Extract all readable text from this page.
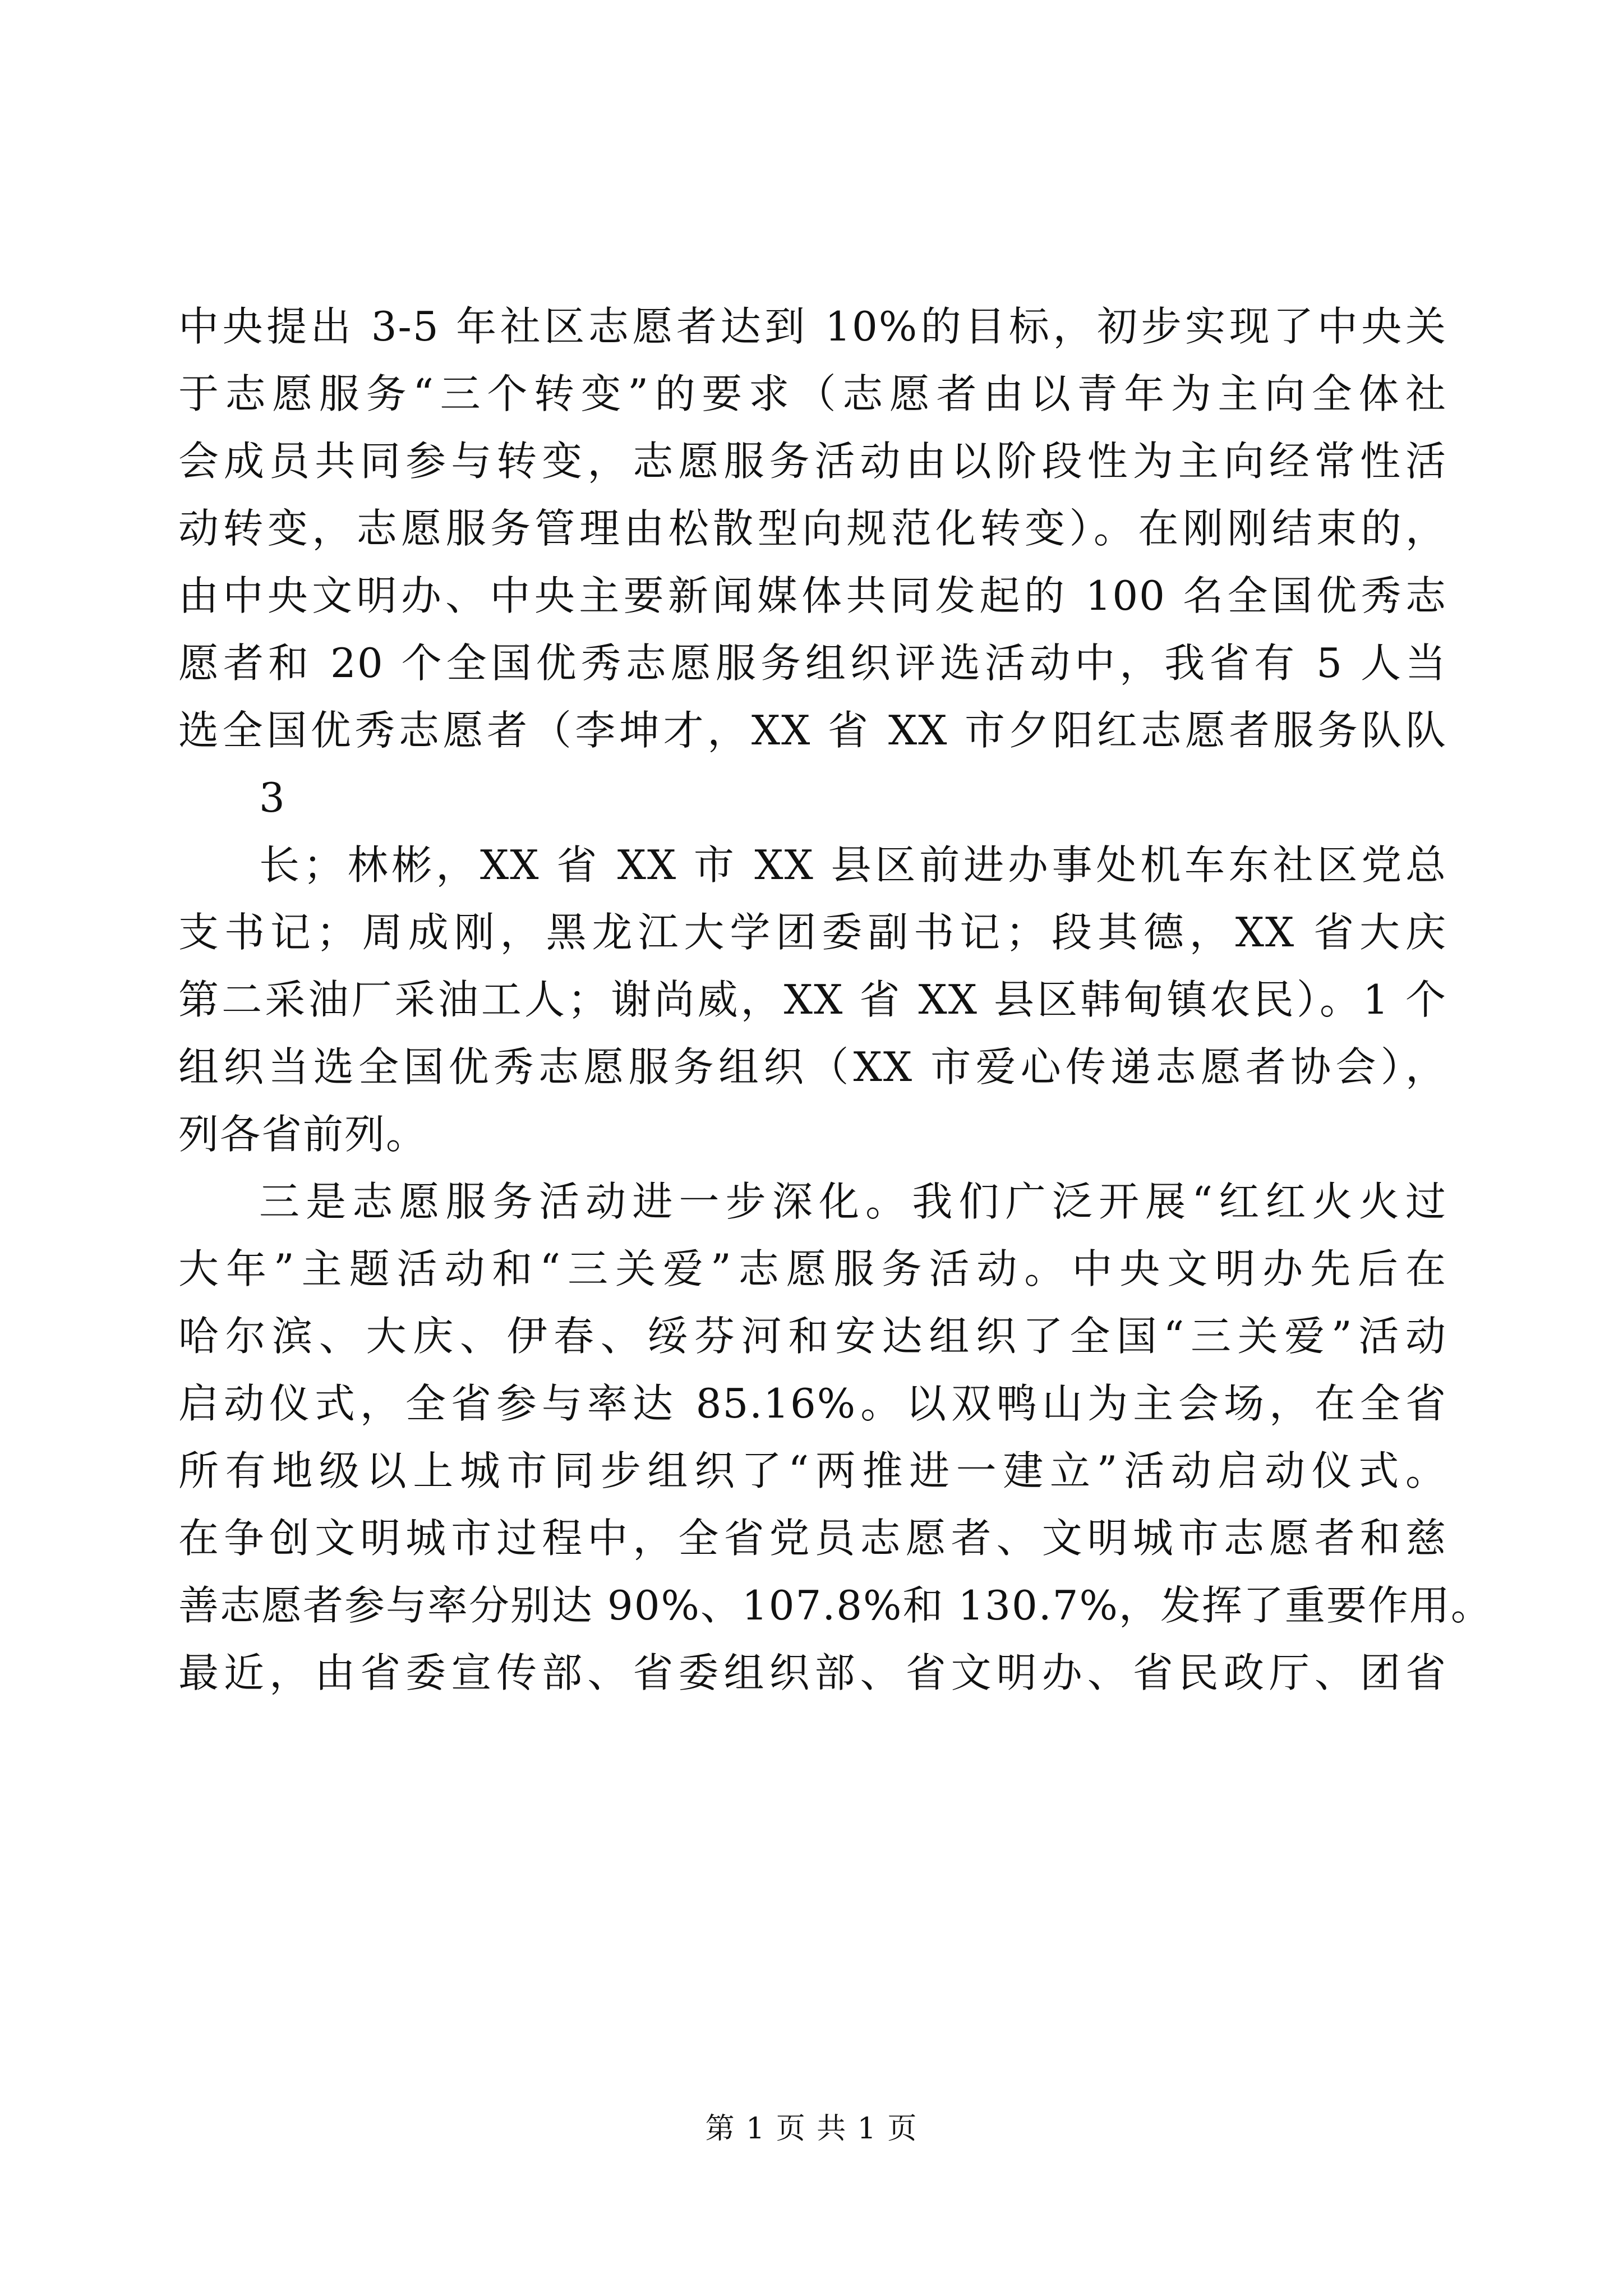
中央提出 3-5 年社区志愿者达到 10%的目标，初步实现了中央关
于志愿服务“三个转变”的要求（志愿者由以青年为主向全体社
会成员共同参与转变，志愿服务活动由以阶段性为主向经常性活
动转变，志愿服务管理由松散型向规范化转变）。在刚刚结束的，
由中央文明办、中央主要新闻媒体共同发起的 100 名全国优秀志
愿者和 20 个全国优秀志愿服务组织评选活动中，我省有 5 人当
选全国优秀志愿者（李坤才，XX 省 XX 市夕阳红志愿者服务队队
3
长；林彬，XX 省 XX 市 XX 县区前进办事处机车东社区党总
支书记；周成刚，黑龙江大学团委副书记；段其德，XX 省大庆
第二采油厂采油工人；谢尚威，XX 省 XX 县区韩甸镇农民）。1 个
组织当选全国优秀志愿服务组织（XX 市爱心传递志愿者协会），
列各省前列。
三是志愿服务活动进一步深化。我们广泛开展“红红火火过
大年”主题活动和“三关爱”志愿服务活动。中央文明办先后在
哈尔滨、大庆、伊春、绥芬河和安达组织了全国“三关爱”活动
启动仪式，全省参与率达 85.16%。以双鸭山为主会场，在全省
所有地级以上城市同步组织了“两推进一建立”活动启动仪式。
在争创文明城市过程中，全省党员志愿者、文明城市志愿者和慈
善志愿者参与率分别达 90%、107.8%和 130.7%，发挥了重要作用。
最近，由省委宣传部、省委组织部、省文明办、省民政厅、团省
第 1 页 共 1 页
